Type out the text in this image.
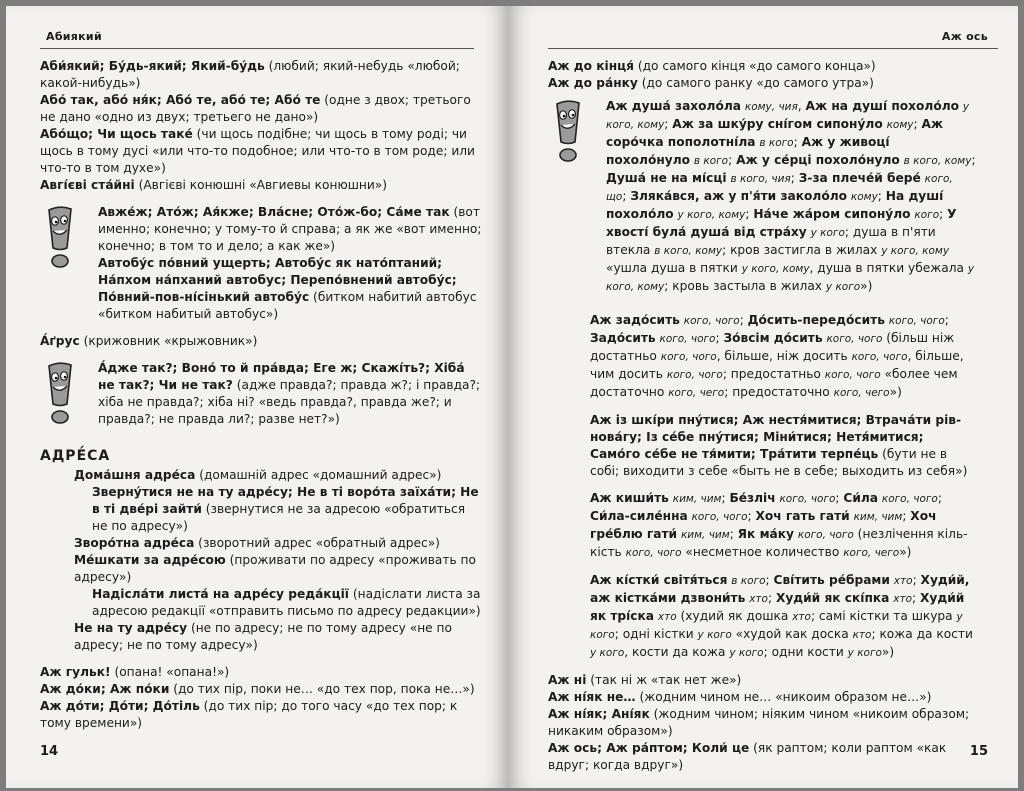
Абиякий
Аби́який; Бу́дь-який́; Який́-бу́дь (любий; який-небудь «любой; какой-нибудь»)
Або́ так, або́ ня́к; Або́ те, або́ те; Або́ те (одне з двох; третього не дано «одно из двух; третьего не дано»)
Або́що; Чи щось таке́ (чи щось подібне; чи щось в тому роді; чи щось в тому дусі «или что-то подобное; или что-то в том роде; или что-то в том духе»)
Авгі́єві ста́йні (Авгієві конюшні «Авгиевы конюшни»)
Авже́ж; Ато́ж; Ая́кже; Вла́сне; Ото́ж-бо; Са́ме так (вот именно; конечно; у тому-то й справа; а як же «вот именно; конечно; в том то и дело; а как же»)
Автобу́с по́вний ущерть; Автобу́с як нато́птаний; На́пхом на́пханий автобус; Перепо́внений автобу́с; По́вний-пов-ні́сінький автобу́с (битком набитий автобус «битком набитый автобус»)
А́ґрус (крижовник «крыжовник»)
А́дже так?; Воно́ то й пра́вда; Еге ж; Скажі́ть?; Хіба́ не так?; Чи не так? (адже правда?; правда ж?; і правда?; хіба не правда?; хіба ні? «ведь правда?, правда же?; и правда?; не правда ли?; разве нет?»)
АДРЕ́СА
Дома́шня адре́са (домашній адрес «домашний адрес»)
Зверну́тися не на ту адре́су; Не в ті воро́та заїха́ти; Не в ті две́рі зайти́ (звернутися не за адресою «обратиться не по адресу»)
Зворо́тна адре́са (зворотний адрес «обратный адрес»)
Ме́шкати за адре́сою (проживати по адресу «проживать по адресу»)
Надісла́ти листа́ на адре́су реда́кції (надіслати листа за адресою редакції «отправить письмо по адресу редакции»)
Не на ту адре́су (не по адресу; не по тому адресу «не по адресу; не по тому адресу»)
Аж гульк! (опана! «опана!»)
Аж до́ки; Аж по́ки (до тих пір, поки не… «до тех пор, пока не…»)
Аж до́ти; До́ти; До́тіль (до тих пір; до того часу «до тех пор; к тому времени»)
14
Аж ось
Аж до кінця́ (до самого кінця «до самого конца»)
Аж до ра́нку (до самого ранку «до самого утра»)
Аж душа́ захоло́ла кому, чия, Аж на душі́ похоло́ло у кого, кому; Аж за шку́ру сні́гом сипону́ло кому; Аж соро́чка пополотні́ла в кого; Аж у живоці́ похоло́нуло в кого; Аж у се́рці похоло́нуло в кого, кому; Душа́ не на мі́сці в кого, чия; З-за плече́й бере́ кого, що; Зляка́вся, аж у п'я́ти заколо́ло кому; На душі́ похоло́ло у кого, кому; На́че жа́ром сипону́ло кого; У хвості́ була́ душа́ від стра́ху у кого; душа в п'яти втекла в кого, кому; кров застигла в жилах у кого, кому «ушла душа в пятки у кого, кому, душа в пятки убежала у кого, кому; кровь застыла в жилах у кого»)
Аж задо́сить кого, чого; До́сить-передо́сить кого, чого; Задо́сить кого, чого; Зо́всім до́сить кого, чого (більш ніж достатньо кого, чого, більше, ніж досить кого, чого, більше, чим досить кого, чого; предостатньо кого, чого «более чем достаточно кого, чего; предостаточно кого, чего»)
Аж із шкі́ри пну́тися; Аж нестя́митися; Втрача́ти рів-нова́гу; Із се́бе пну́тися; Міни́тися; Нетя́митися; Само́го се́бе не тя́мити; Тра́тити терпе́ць (бути не в собі; виходити з себе «быть не в себе; выходить из себя»)
Аж киши́ть ким, чим; Бе́зліч кого, чого; Си́ла кого, чого; Си́ла-силе́нна кого, чого; Хоч гать гати́ ким, чим; Хоч гре́блю гати́ ким, чим; Як ма́ку кого, чого (незлічення кіль-кість кого, чого «несметное количество кого, чего»)
Аж кі́стки́ світя́ться в кого; Сві́тить ре́брами хто; Худи́й, аж кістка́ми дзвони́ть хто; Худи́й як скі́пка хто; Худи́й як трі́ска хто (худий як дошка хто; самі кістки та шкура у кого; одні кістки у кого «худой как доска кто; кожа да кости у кого, кости да кожа у кого; одни кости у кого»)
Аж ні (так ні ж «так нет же»)
Аж ні́як не… (жодним чином не… «никоим образом не…»)
Аж ні́як; Ані́як (жодним чином; ніяким чином «никоим образом; никаким образом»)
Аж ось; Аж ра́птом; Коли́ це (як раптом; коли раптом «как вдруг; когда вдруг»)
15
